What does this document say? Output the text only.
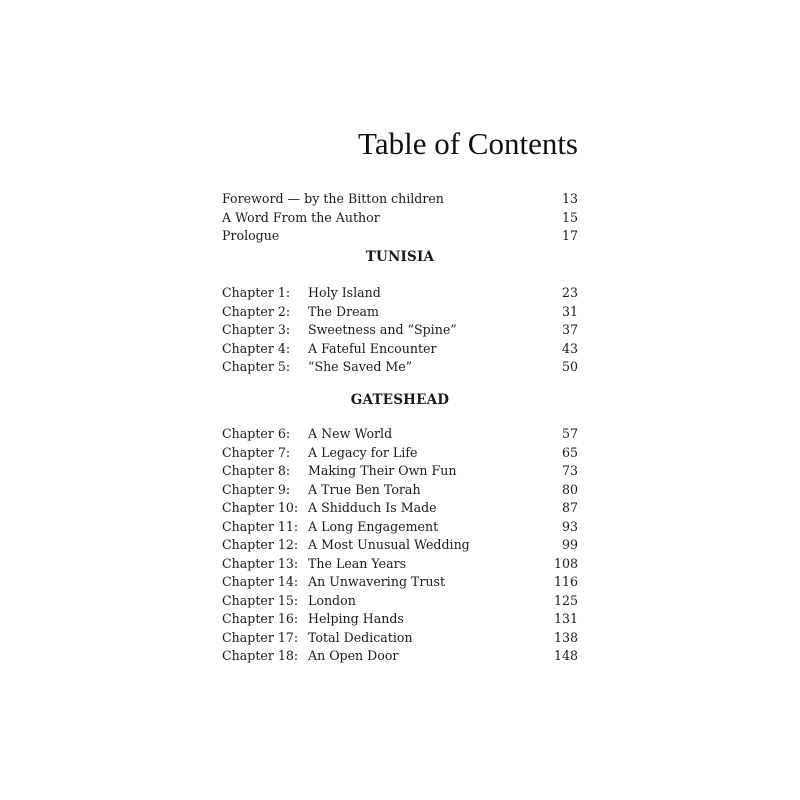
Table of Contents
Foreword — by the Bitton children	13
A Word From the Author	15
Prologue	17
TUNISIA
Chapter 1: Holy Island	23
Chapter 2: The Dream	31
Chapter 3: Sweetness and “Spine”	37
Chapter 4: A Fateful Encounter	43
Chapter 5: “She Saved Me”	50
GATESHEAD
Chapter 6: A New World	57
Chapter 7: A Legacy for Life	65
Chapter 8: Making Their Own Fun	73
Chapter 9: A True Ben Torah	80
Chapter 10: A Shidduch Is Made	87
Chapter 11: A Long Engagement	93
Chapter 12: A Most Unusual Wedding	99
Chapter 13: The Lean Years	108
Chapter 14: An Unwavering Trust	116
Chapter 15: London	125
Chapter 16: Helping Hands	131
Chapter 17: Total Dedication	138
Chapter 18: An Open Door	148
